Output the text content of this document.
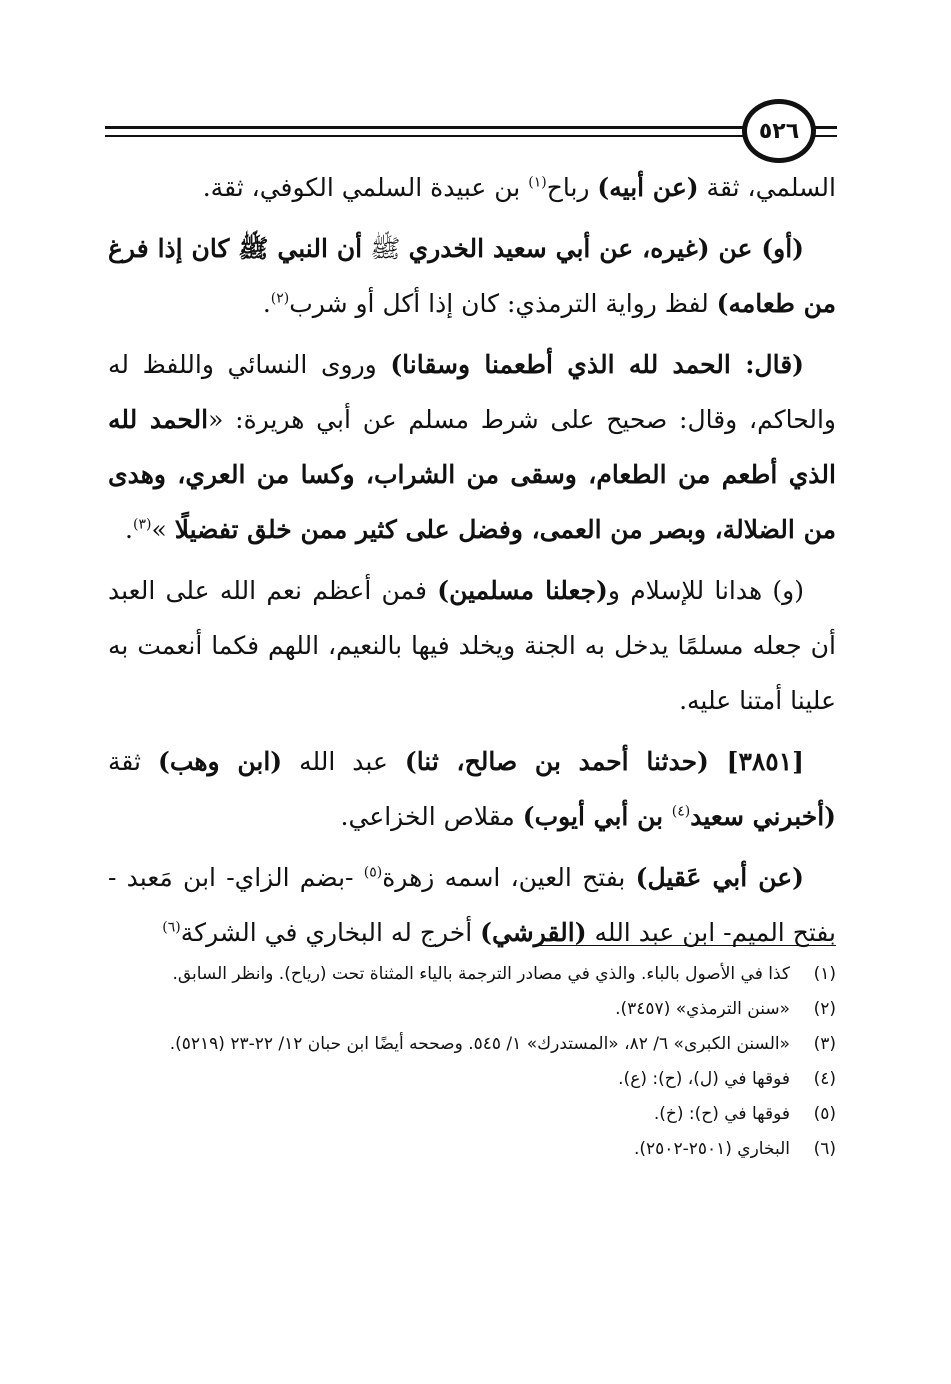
٥٢٦

السلمي، ثقة (عن أبيه) رباح$^{(١)}$ بن عبيدة السلمي الكوفي، ثقة.

(أو) عن (غيره، عن أبي سعيد الخدري ﷺ أن النبي ﷺ كان إذا فرغ من طعامه) لفظ رواية الترمذي: كان إذا أكل أو شرب$^{(٢)}$.

(قال: الحمد لله الذي أطعمنا وسقانا) وروى النسائي واللفظ له والحاكم، وقال: صحيح على شرط مسلم عن أبي هريرة: «الحمد لله الذي أطعم من الطعام، وسقى من الشراب، وكسا من العري، وهدى من الضلالة، وبصر من العمى، وفضل على كثير ممن خلق تفضيلًا »$^{(٣)}$.

(و) هدانا للإسلام و(جعلنا مسلمين) فمن أعظم نعم الله على العبد أن جعله مسلمًا يدخل به الجنة ويخلد فيها بالنعيم، اللهم فكما أنعمت به علينا أمتنا عليه.

[٣٨٥١] (حدثنا أحمد بن صالح، ثنا) عبد الله (ابن وهب) ثقة (أخبرني سعيد$^{(٤)}$ بن أبي أيوب) مقلاص الخزاعي.

(عن أبي عَقيل) بفتح العين، اسمه زهرة$^{(٥)}$ -بضم الزاي- ابن مَعبد - بفتح الميم- ابن عبد الله (القرشي) أخرج له البخاري في الشركة$^{(٦)}$

(١)
كذا في الأصول بالباء. والذي في مصادر الترجمة بالياء المثناة تحت (رياح). وانظر السابق.
(٢)
«سنن الترمذي» (٣٤٥٧).
(٣)
«السنن الكبرى» ٦/ ٨٢، «المستدرك» ١/ ٥٤٥. وصححه أيضًا ابن حبان ١٢/ ٢٢-٢٣ (٥٢١٩).
(٤)
فوقها في (ل)، (ح): (ع).
(٥)
فوقها في (ح): (خ).
(٦)
البخاري (٢٥٠١-٢٥٠٢).
